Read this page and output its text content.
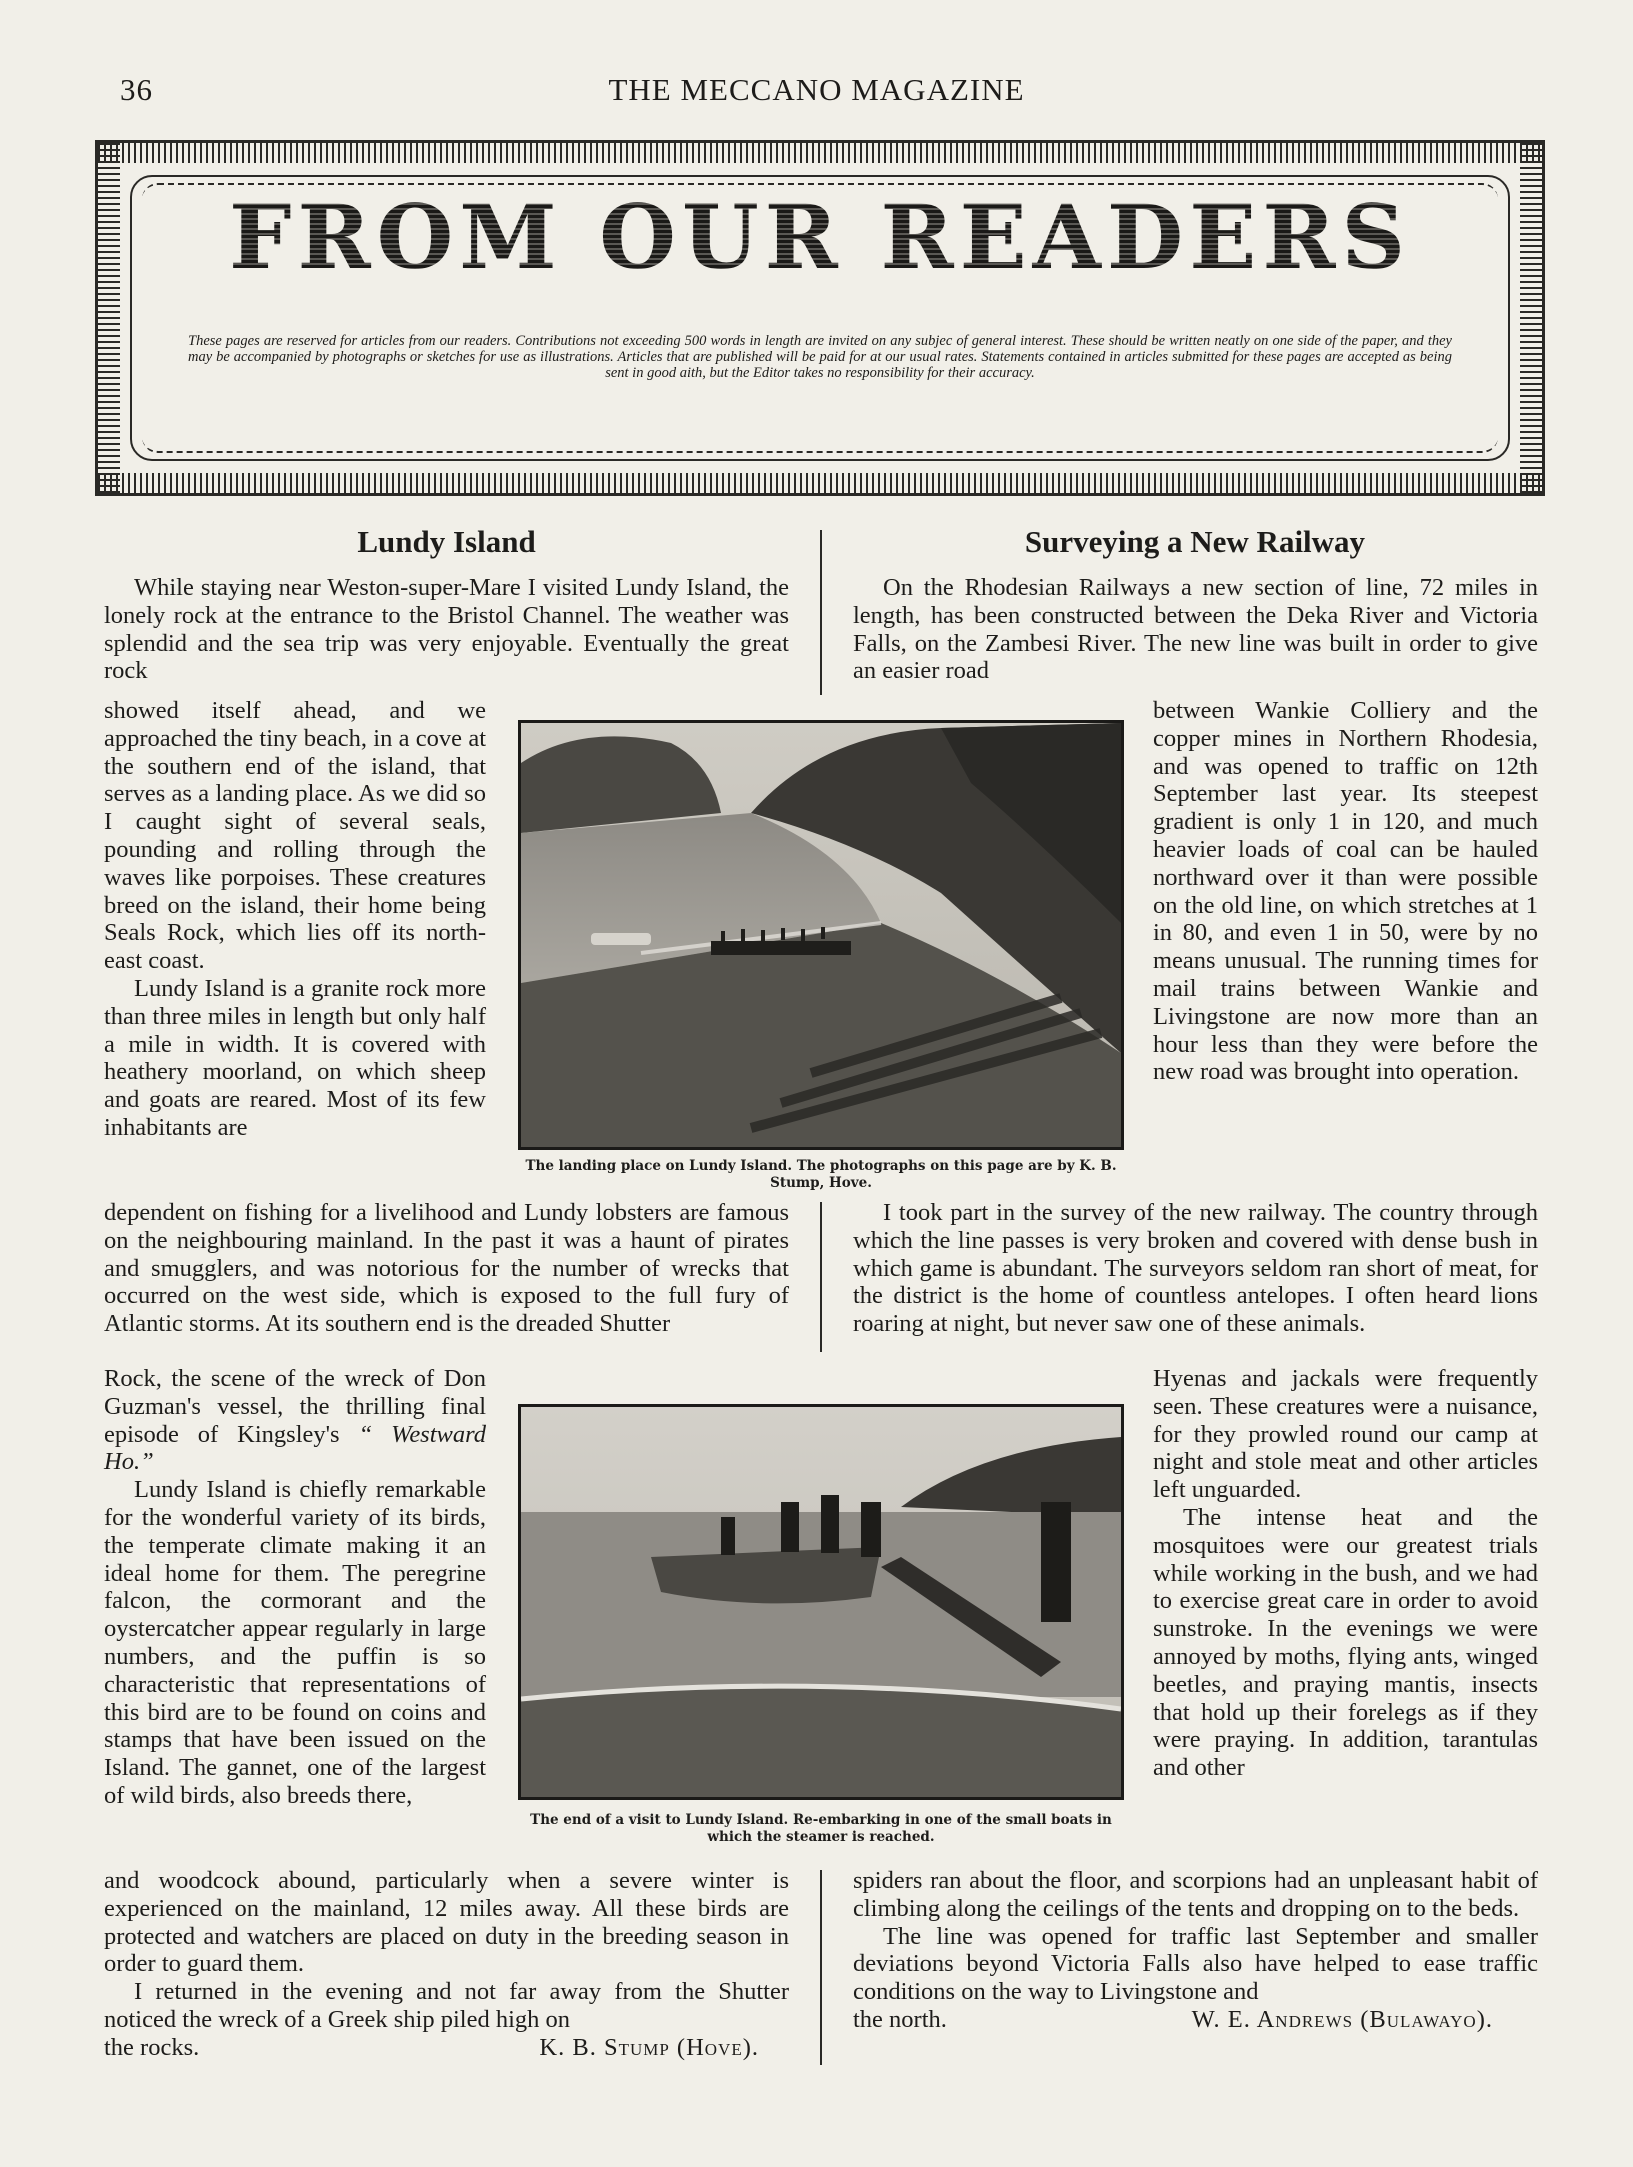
36	THE MECCANO MAGAZINE
FROM OUR READERS
These pages are reserved for articles from our readers. Contributions not exceeding 500 words in length are invited on any subjec of general interest. These should be written neatly on one side of the paper, and they may be accompanied by photographs or sketches for use as illustrations. Articles that are published will be paid for at our usual rates. Statements contained in articles submitted for these pages are accepted as being sent in good aith, but the Editor takes no responsibility for their accuracy.
Lundy Island	Surveying a New Railway

While staying near Weston-super-Mare I visited Lundy Island, the lonely rock at the entrance to the Bristol Channel. The weather was splendid and the sea trip was very enjoyable. Eventually the great rock

showed itself ahead, and we approached the tiny beach, in a cove at the southern end of the island, that serves as a landing place. As we did so I caught sight of several seals, pounding and rolling through the waves like porpoises. These creatures breed on the island, their home being Seals Rock, which lies off its north-east coast.

Lundy Island is a granite rock more than three miles in length but only half a mile in width. It is covered with heathery moorland, on which sheep and goats are reared. Most of its few inhabitants are

dependent on fishing for a livelihood and Lundy lobsters are famous on the neighbouring mainland. In the past it was a haunt of pirates and smugglers, and was notorious for the number of wrecks that occurred on the west side, which is exposed to the full fury of Atlantic storms. At its southern end is the dreaded Shutter

Rock, the scene of the wreck of Don Guzman's vessel, the thrilling final episode of Kingsley's “ Westward Ho.”

Lundy Island is chiefly remarkable for the wonderful variety of its birds, the temperate climate making it an ideal home for them. The peregrine falcon, the cormorant and the oystercatcher appear regularly in large numbers, and the puffin is so characteristic that representations of this bird are to be found on coins and stamps that have been issued on the Island. The gannet, one of the largest of wild birds, also breeds there,

and woodcock abound, particularly when a severe winter is experienced on the mainland, 12 miles away. All these birds are protected and watchers are placed on duty in the breeding season in order to guard them.

I returned in the evening and not far away from the Shutter noticed the wreck of a Greek ship piled high on

the rocks.	K. B. Stump (Hove).

On the Rhodesian Railways a new section of line, 72 miles in length, has been constructed between the Deka River and Victoria Falls, on the Zambesi River. The new line was built in order to give an easier road

between Wankie Colliery and the copper mines in Northern Rhodesia, and was opened to traffic on 12th September last year. Its steepest gradient is only 1 in 120, and much heavier loads of coal can be hauled northward over it than were possible on the old line, on which stretches at 1 in 80, and even 1 in 50, were by no means unusual. The running times for mail trains between Wankie and Livingstone are now more than an hour less than they were before the new road was brought into operation.

I took part in the survey of the new railway. The country through which the line passes is very broken and covered with dense bush in which game is abundant. The surveyors seldom ran short of meat, for the district is the home of countless antelopes. I often heard lions roaring at night, but never saw one of these animals.

Hyenas and jackals were frequently seen. These creatures were a nuisance, for they prowled round our camp at night and stole meat and other articles left unguarded.

The intense heat and the mosquitoes were our greatest trials while working in the bush, and we had to exercise great care in order to avoid sunstroke. In the evenings we were annoyed by moths, flying ants, winged beetles, and praying mantis, insects that hold up their forelegs as if they were praying. In addition, tarantulas and other

spiders ran about the floor, and scorpions had an unpleasant habit of climbing along the ceilings of the tents and dropping on to the beds.

The line was opened for traffic last September and smaller deviations beyond Victoria Falls also have helped to ease traffic conditions on the way to Livingstone and

the north.	W. E. Andrews (Bulawayo).
The landing place on Lundy Island. The photographs on this page are by K. B. Stump, Hove.
The end of a visit to Lundy Island. Re-embarking in one of the small boats in which the steamer is reached.
